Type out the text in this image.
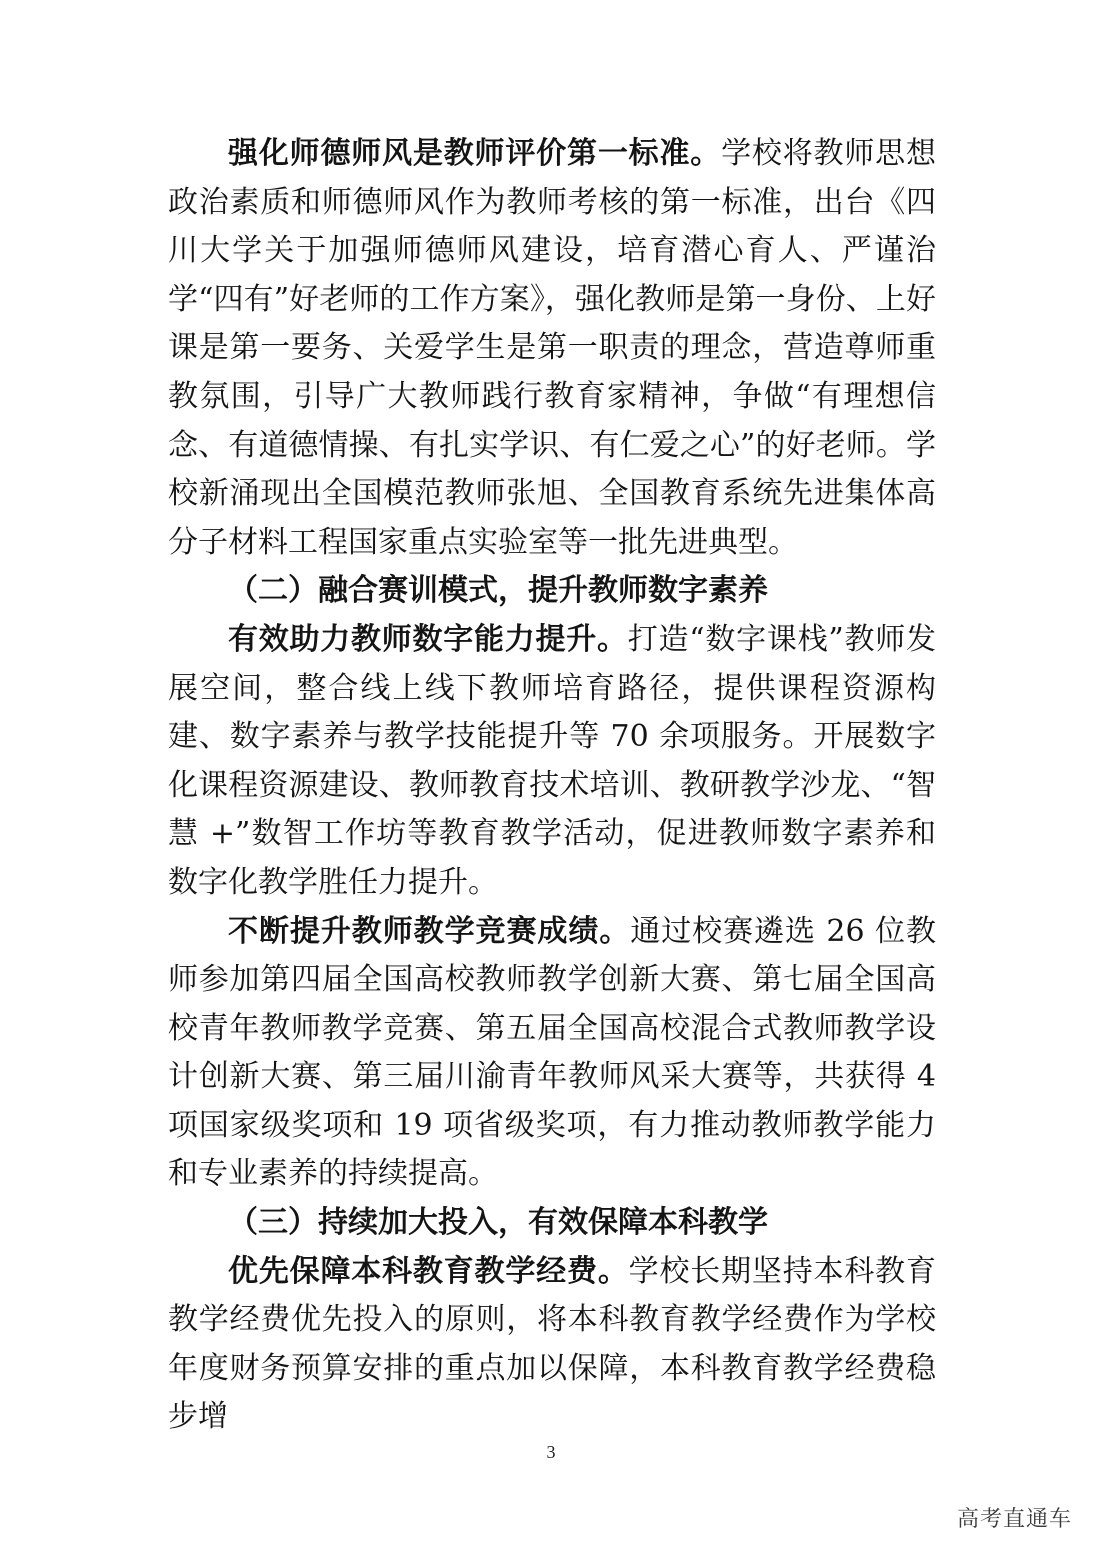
强化师德师风是教师评价第一标准。学校将教师思想政治素质和师德师风作为教师考核的第一标准，出台《四川大学关于加强师德师风建设，培育潜心育人、严谨治学“四有”好老师的工作方案》，强化教师是第一身份、上好课是第一要务、关爱学生是第一职责的理念，营造尊师重教氛围，引导广大教师践行教育家精神，争做“有理想信念、有道德情操、有扎实学识、有仁爱之心”的好老师。学校新涌现出全国模范教师张旭、全国教育系统先进集体高分子材料工程国家重点实验室等一批先进典型。

（二）融合赛训模式，提升教师数字素养

有效助力教师数字能力提升。打造“数字课栈”教师发展空间，整合线上线下教师培育路径，提供课程资源构建、数字素养与教学技能提升等 70 余项服务。开展数字化课程资源建设、教师教育技术培训、教研教学沙龙、“智慧 +”数智工作坊等教育教学活动，促进教师数字素养和数字化教学胜任力提升。

不断提升教师教学竞赛成绩。通过校赛遴选 26 位教师参加第四届全国高校教师教学创新大赛、第七届全国高校青年教师教学竞赛、第五届全国高校混合式教师教学设计创新大赛、第三届川渝青年教师风采大赛等，共获得 4 项国家级奖项和 19 项省级奖项，有力推动教师教学能力和专业素养的持续提高。

（三）持续加大投入，有效保障本科教学

优先保障本科教育教学经费。学校长期坚持本科教育教学经费优先投入的原则，将本科教育教学经费作为学校年度财务预算安排的重点加以保障，本科教育教学经费稳步增

3
高考直通车
